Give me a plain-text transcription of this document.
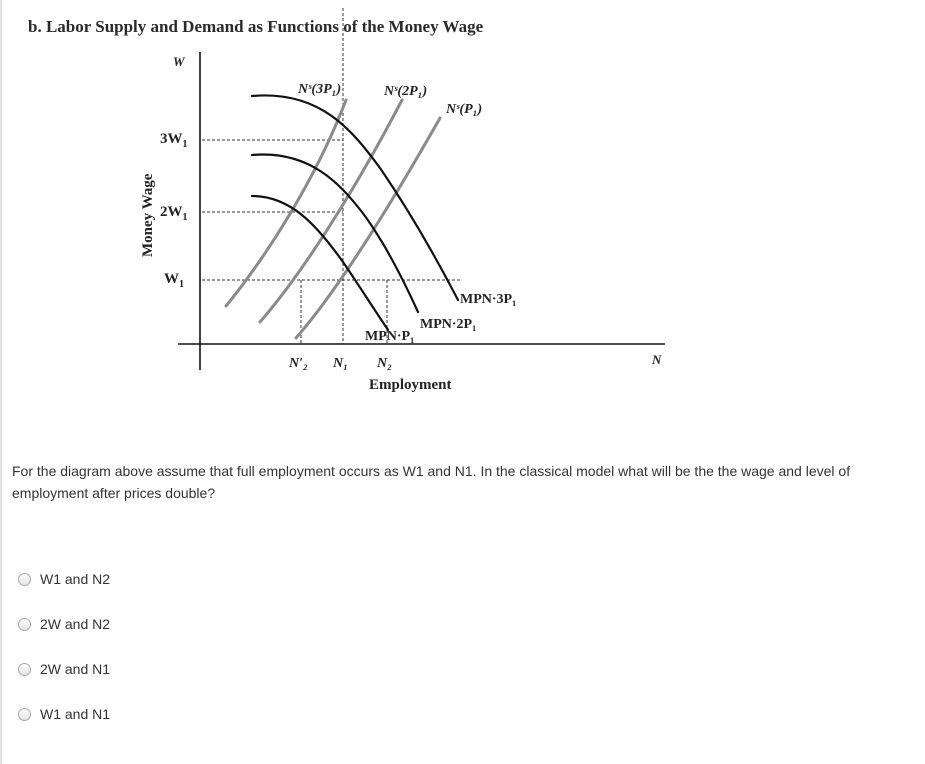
b. Labor Supply and Demand as Functions of the Money Wage
W
N
Money Wage
Employment
$3W_1$
$2W_1$
$W_1$
Nˢ(3P₁)	Nˢ(2P₁)
Nˢ(P₁)
MPN·3P₁
MPN·2P₁
MPN·P₁
N′₂ N₁ N₂

For the diagram above assume that full employment occurs as W1 and N1. In the classical model what will be the the wage and level of employment after prices double?

W1 and N2
2W and N2
2W and N1
W1 and N1
